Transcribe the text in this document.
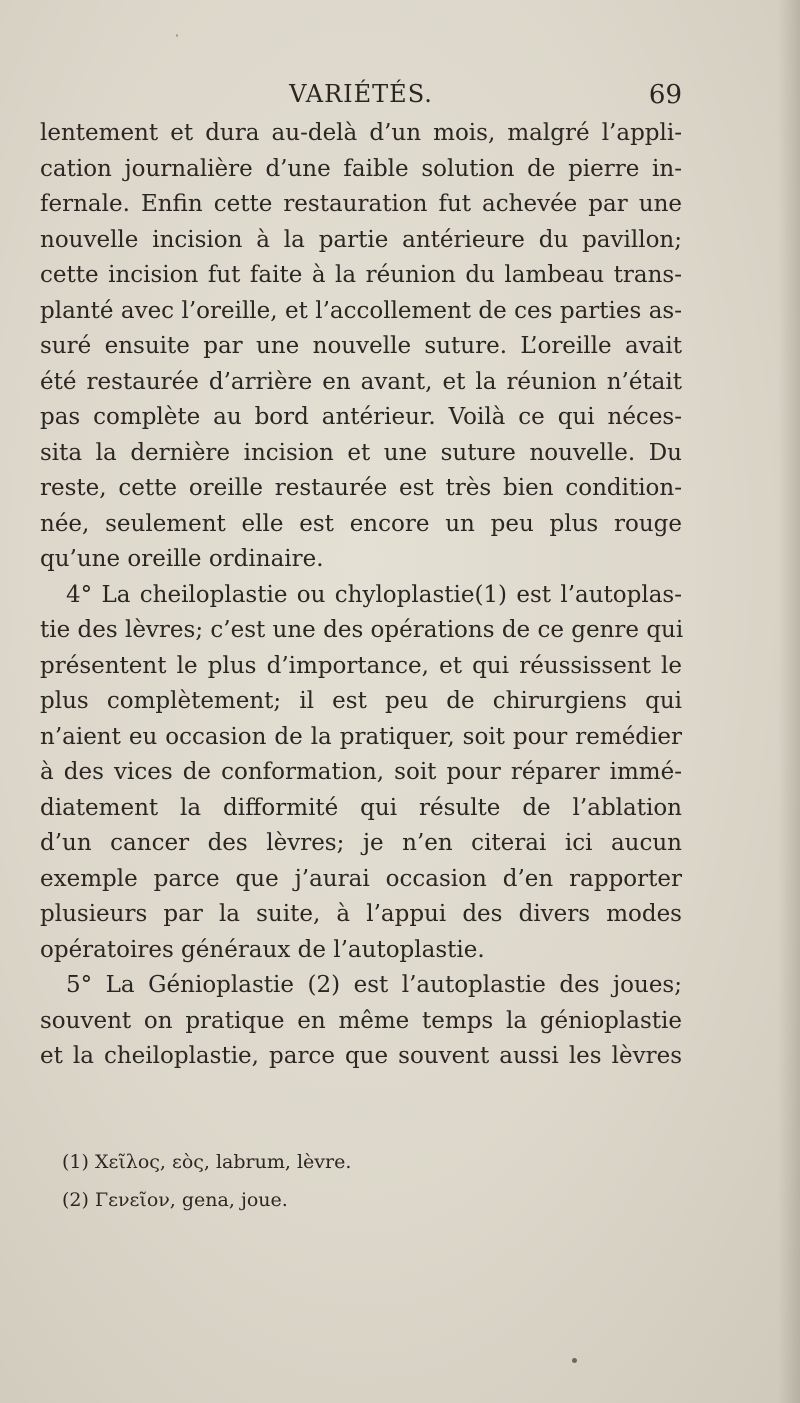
VARIÉTÉS.	69
lentement et dura au-delà d’un mois, malgré l’appli-
cation journalière d’une faible solution de pierre in-
fernale. Enfin cette restauration fut achevée par une
nouvelle incision à la partie antérieure du pavillon;
cette incision fut faite à la réunion du lambeau trans-
planté avec l’oreille, et l’accollement de ces parties as-
suré ensuite par une nouvelle suture. L’oreille avait
été restaurée d’arrière en avant, et la réunion n’était
pas complète au bord antérieur. Voilà ce qui néces-
sita la dernière incision et une suture nouvelle. Du
reste, cette oreille restaurée est très bien condition-
née, seulement elle est encore un peu plus rouge
qu’une oreille ordinaire.
4° La cheiloplastie ou chyloplastie(1) est l’autoplas-
tie des lèvres; c’est une des opérations de ce genre qui
présentent le plus d’importance, et qui réussissent le
plus complètement; il est peu de chirurgiens qui
n’aient eu occasion de la pratiquer, soit pour remédier
à des vices de conformation, soit pour réparer immé-
diatement la difformité qui résulte de l’ablation
d’un cancer des lèvres; je n’en citerai ici aucun
exemple parce que j’aurai occasion d’en rapporter
plusieurs par la suite, à l’appui des divers modes
opératoires généraux de l’autoplastie.
5° La Génioplastie (2) est l’autoplastie des joues;
souvent on pratique en même temps la génioplastie
et la cheiloplastie, parce que souvent aussi les lèvres
(1) Χεῖλος, εὸς, labrum, lèvre.
(2) Γενεῖον, gena, joue.
